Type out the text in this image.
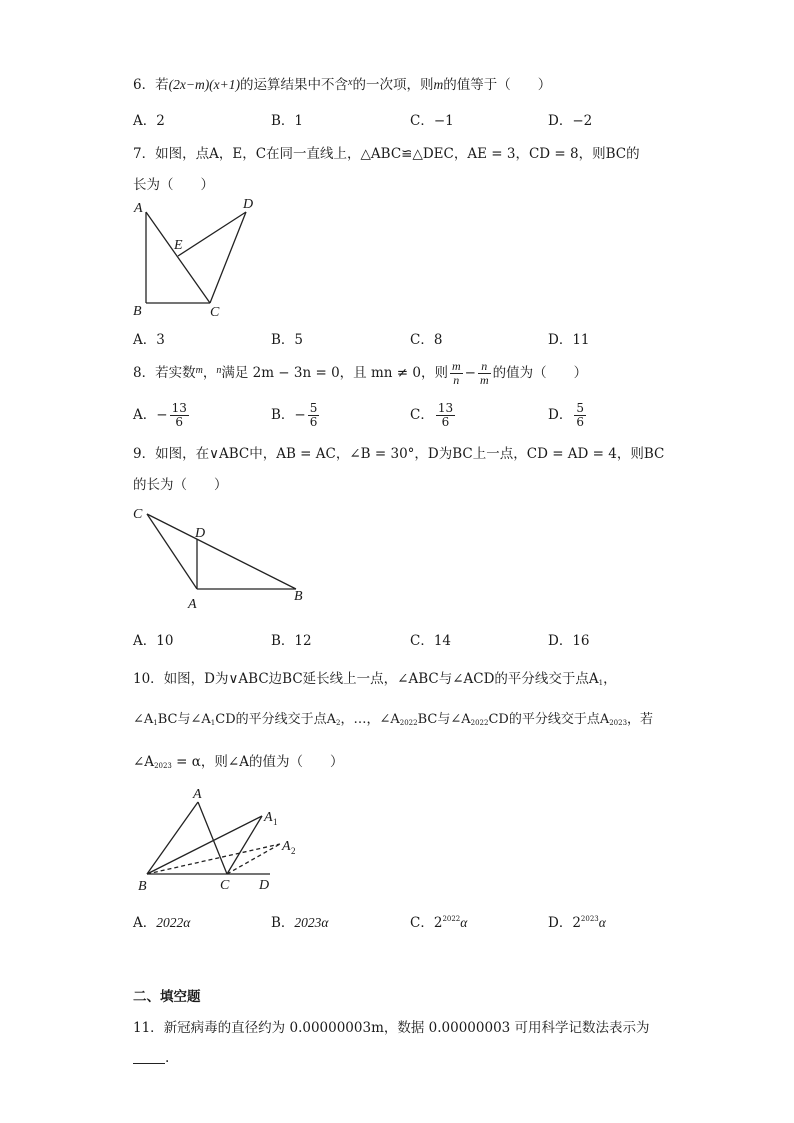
6．若(2x−m)(x+1)的运算结果中不含$^x$的一次项，则m的值等于（　　）
A．2	B．1	C．−1	D．−2
7．如图，点A，E，C在同一直线上，△ABC≌△DEC，AE = 3，CD = 8，则BC的
长为（　　）
A
E
D
B	C
A．3	B．5	C．8	D．11
8．若实数$^m$，$^n$满足 2m − 3n = 0，且 mn ≠ 0，则 $\frac{m}{n} - \frac{n}{m}$ 的值为（　　）
A．− $\frac{13}{6}$	B．− $\frac{5}{6}$	C． $\frac{13}{6}$	D． $\frac{5}{6}$
9．如图，在∨ABC中，AB = AC，∠B = 30°，D为BC上一点，CD = AD = 4，则BC
的长为（　　）
C
D
A
B
A．10	B．12	C．14	D．16
10．如图，D为∨ABC边BC延长线上一点，∠ABC与∠ACD的平分线交于点$A_1$，
$\angle A_1BC$与$\angle A_1CD$的平分线交于点$A_2$，…，$\angle A_{2022}BC$与$\angle A_{2022}CD$的平分线交于点$A_{2023}$，若
$\angle A_{2023} = \alpha$，则∠A的值为（　　）
A
A 1
A 2
B	C D
A．2022α	B．2023α	C．$2^{2022}\alpha$	D．$2^{2023}\alpha$
二、填空题
11．新冠病毒的直径约为 0.00000003m，数据 0.00000003 可用科学记数法表示为
.
